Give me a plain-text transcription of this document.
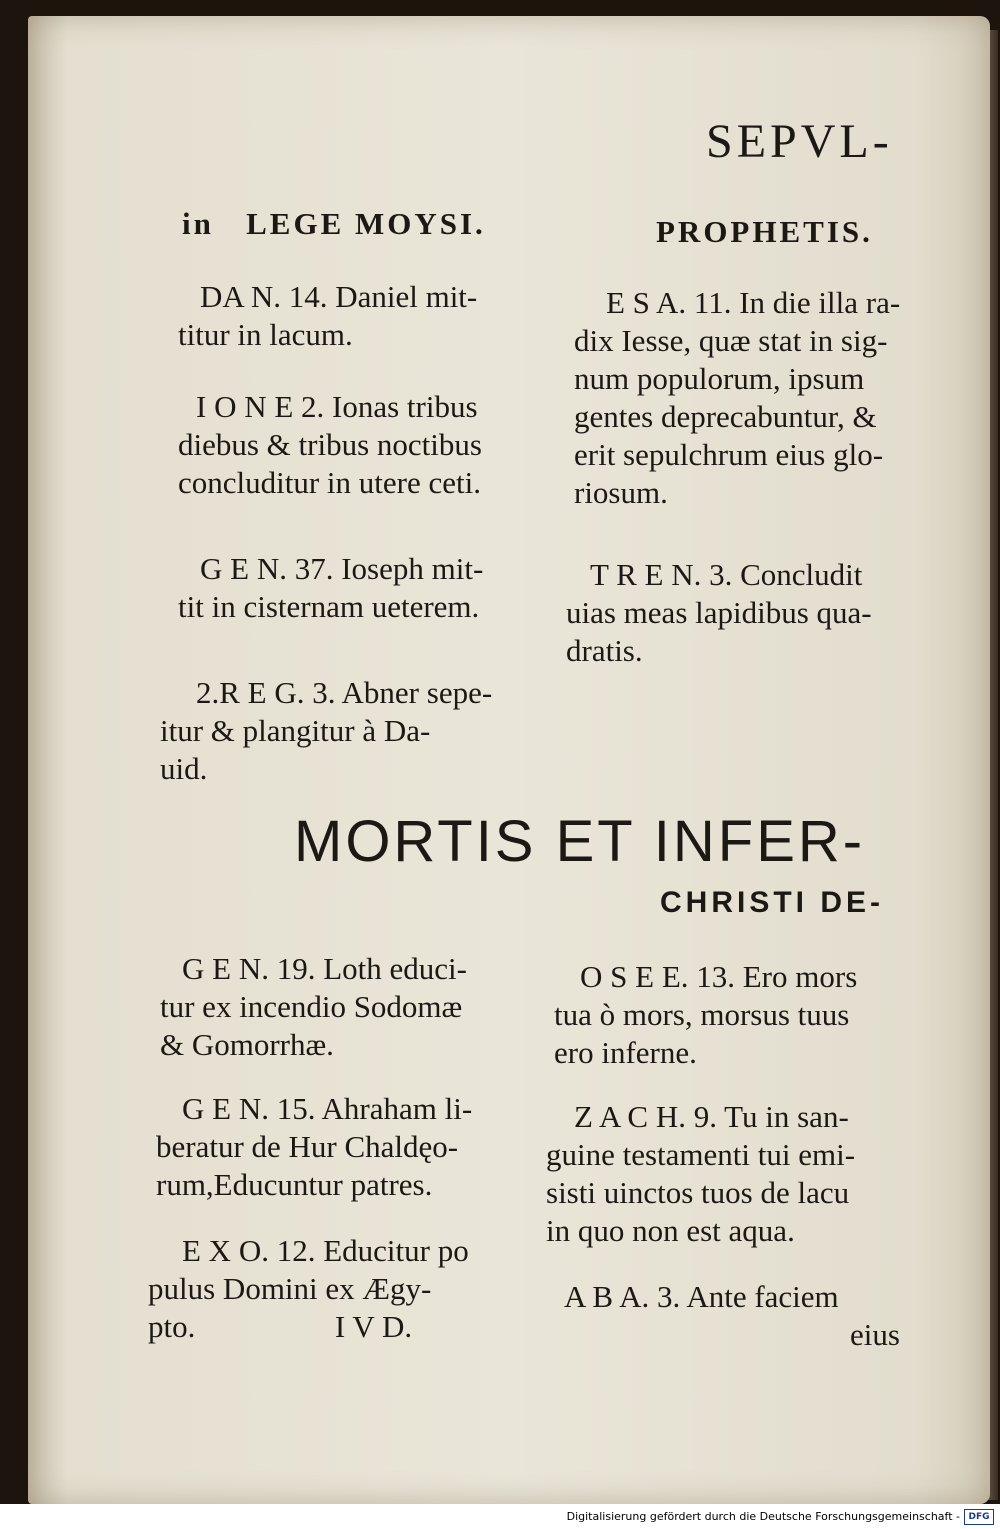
SEPVL-
in   LEGE MOYSI.	PROPHETIS.
DA N. 14. Daniel mit-
titur in lacum.
I O N E 2. Ionas tribus
diebus & tribus noctibus
concluditur in utere ceti.
G E N. 37. Ioseph mit-
tit in cisternam ueterem.
2.R E G. 3. Abner sepe-
itur & plangitur à Da-
uid.
E S A. 11. In die illa ra-
dix Iesse, quæ stat in sig-
num populorum, ipsum
gentes deprecabuntur, &
erit sepulchrum eius glo-
riosum.
T R E N. 3. Concludit
uias meas lapidibus qua-
dratis.
MORTIS ET INFER-
CHRISTI DE-
G E N. 19. Loth educi-
tur ex incendio Sodomæ
& Gomorrhæ.
G E N. 15. Ahraham li-
beratur de Hur Chaldęo-
rum,Educuntur patres.
E X O. 12. Educitur po
pulus Domini ex Ægy-
pto.                  I V D.
O S E E. 13. Ero mors
tua ò mors, morsus tuus
ero inferne.
Z A C H. 9. Tu in san-
guine testamenti tui emi-
sisti uinctos tuos de lacu
in quo non est aqua.
A B A. 3. Ante faciem
eius
Digitalisierung gefördert durch die Deutsche Forschungsgemeinschaft - DFG
